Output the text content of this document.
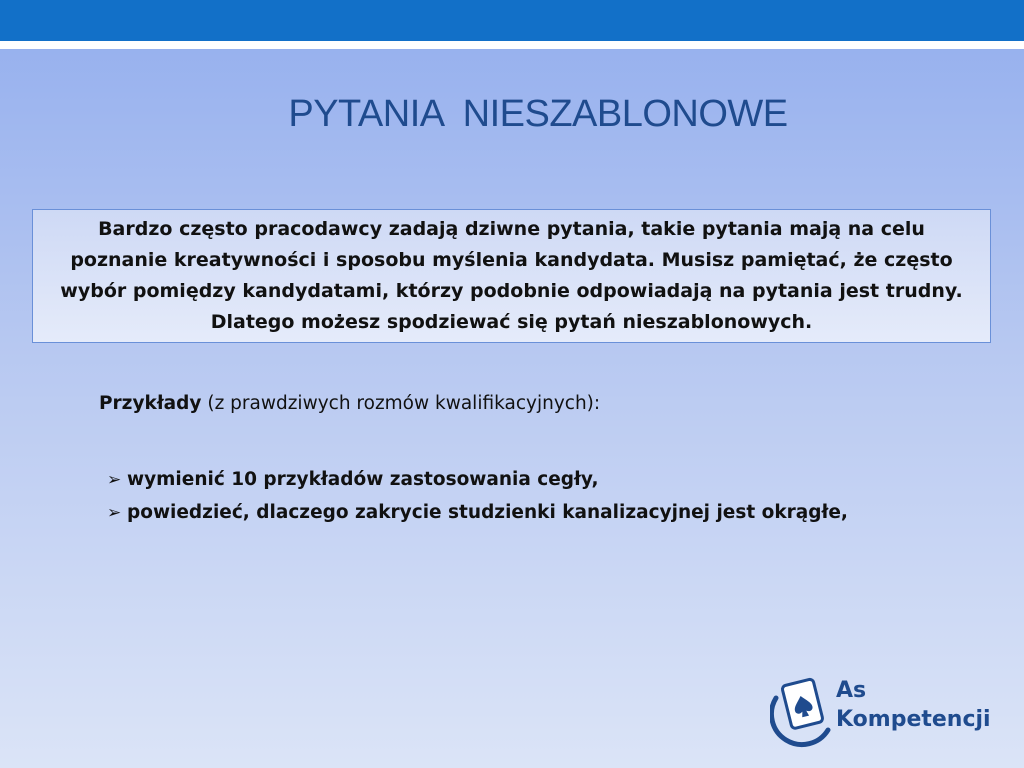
PYTANIA  NIESZABLONOWE
Bardzo często pracodawcy zadają dziwne pytania, takie pytania mają na celu poznanie kreatywności i sposobu myślenia kandydata. Musisz pamiętać, że często wybór pomiędzy kandydatami, którzy podobnie odpowiadają na pytania jest trudny. Dlatego możesz spodziewać się pytań nieszablonowych.
Przykłady (z prawdziwych rozmów kwalifikacyjnych):
➢ wymienić 10 przykładów zastosowania cegły,
➢ powiedzieć, dlaczego zakrycie studzienki kanalizacyjnej jest okrągłe,
As
Kompetencji
